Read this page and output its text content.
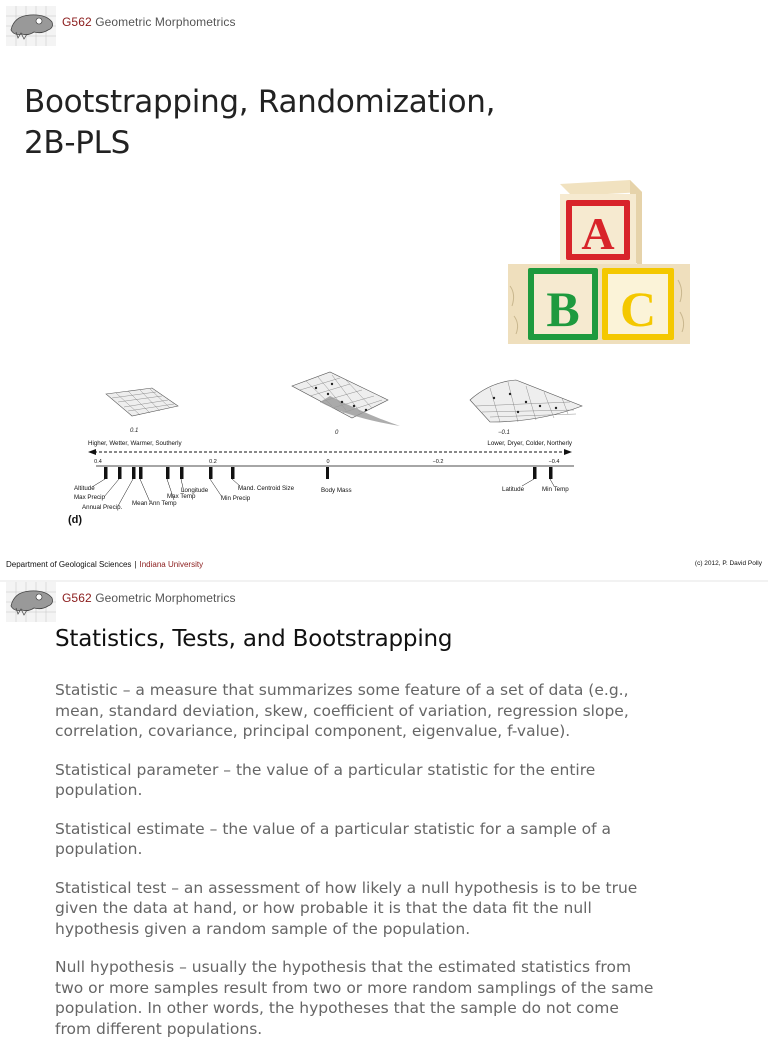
G562 Geometric Morphometrics
Bootstrapping, Randomization,
2B-PLS
A
B C
0.1	0	−0.1
Higher, Wetter, Warmer, Southerly	Lower, Dryer, Colder, Northerly
0.4	0.2	0	−0.2	−0.4
Altitude
Max Precip
Annual Precip.
Mean Ann Temp
Max Temp
Longitude
Min Precip
Mand. Centroid Size	Body Mass	Latitude	Min Temp
(d)
Department of Geological Sciences | Indiana University	(c) 2012, P. David Polly
G562 Geometric Morphometrics
Statistics, Tests, and Bootstrapping

Statistic – a measure that summarizes some feature of a set of data (e.g., mean, standard deviation, skew, coefficient of variation, regression slope, correlation, covariance, principal component, eigenvalue, f-value).

Statistical parameter – the value of a particular statistic for the entire population.

Statistical estimate – the value of a particular statistic for a sample of a population.

Statistical test – an assessment of how likely a null hypothesis is to be true given the data at hand, or how probable it is that the data fit the null hypothesis given a random sample of the population.

Null hypothesis – usually the hypothesis that the estimated statistics from two or more samples result from two or more random samplings of the same population. In other words, the hypotheses that the sample do not come from different populations.
